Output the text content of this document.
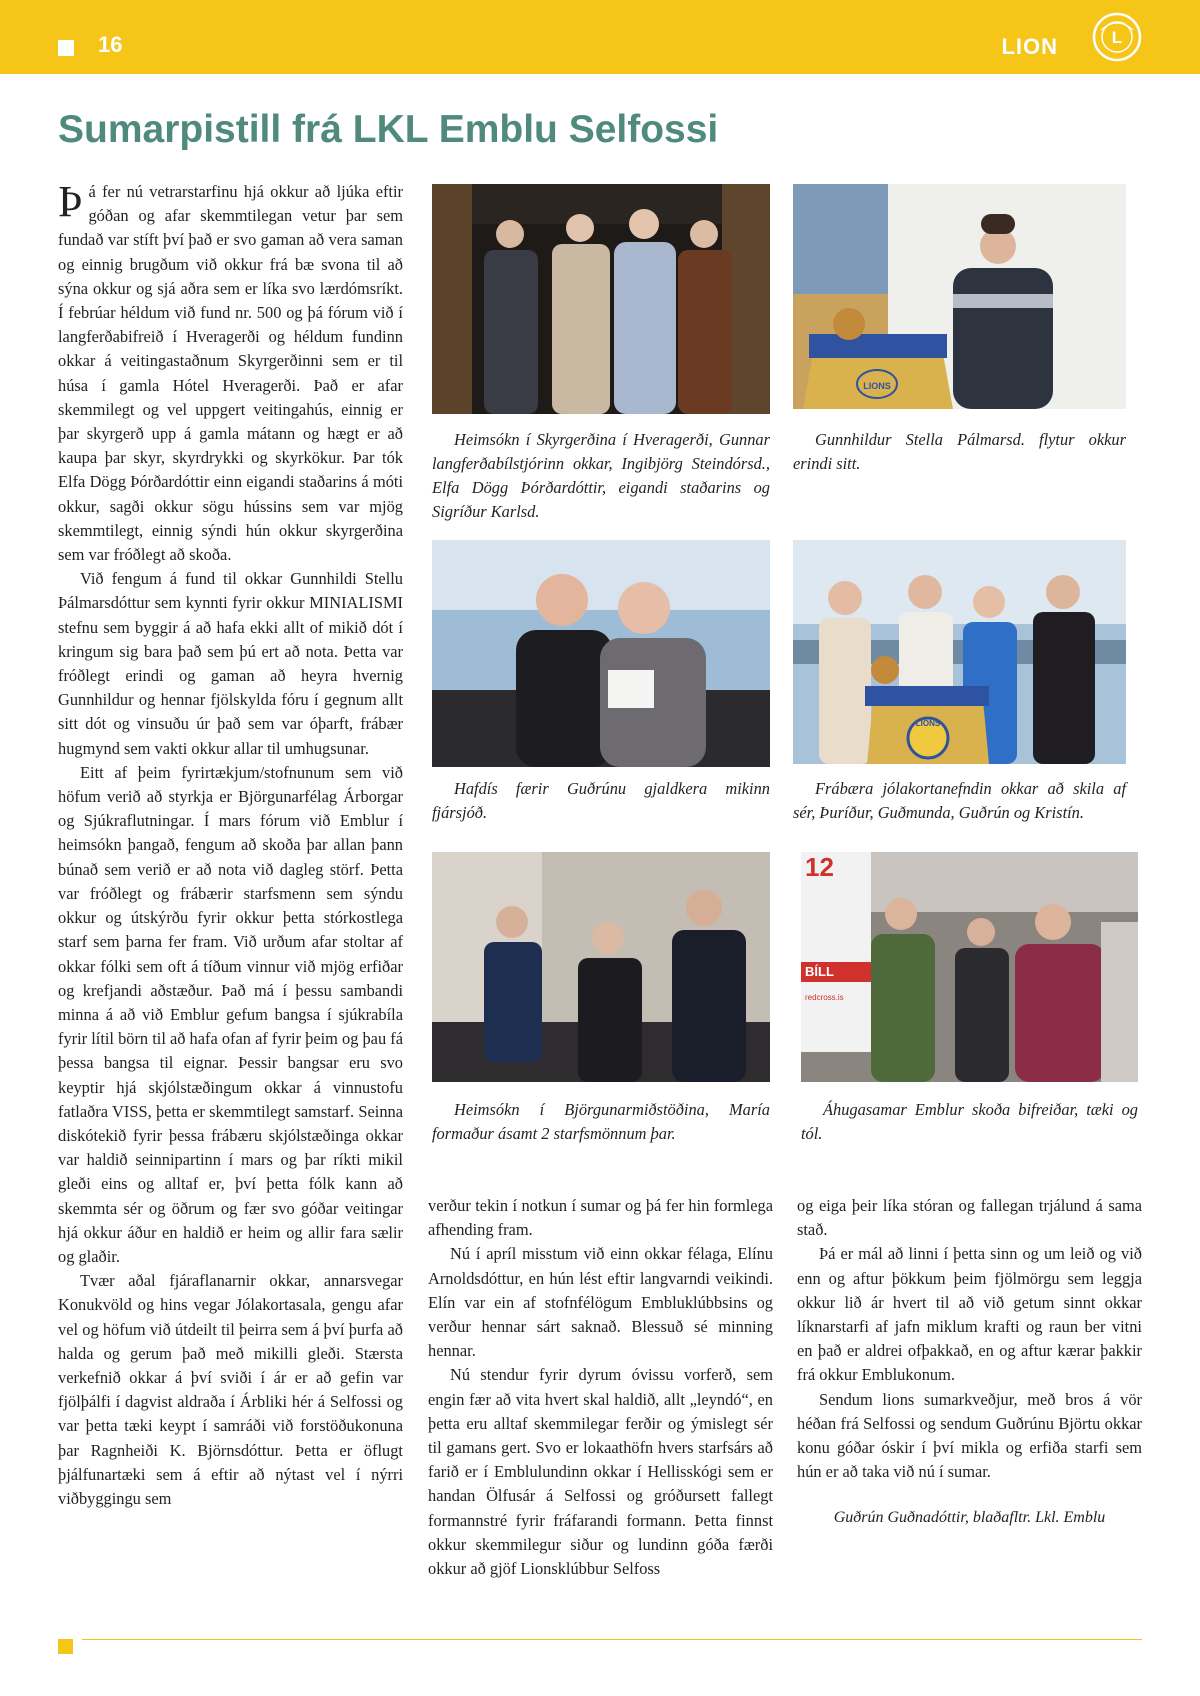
16	LION	L
Sumarpistill frá LKL Emblu Selfossi

Þá fer nú vetrarstarfinu hjá okkur að ljúka eftir góðan og afar skemmtilegan vetur þar sem fundað var stíft því það er svo gaman að vera saman og einnig brugðum við okkur frá bæ svona til að sýna okkur og sjá aðra sem er líka svo lærdómsríkt. Í febrúar héldum við fund nr. 500 og þá fórum við í langferðabifreið í Hveragerði og héldum fundinn okkar á veitingastaðnum Skyrgerðinni sem er til húsa í gamla Hótel Hveragerði. Það er afar skemmilegt og vel uppgert veitingahús, einnig er þar skyrgerð upp á gamla mátann og hægt er að kaupa þar skyr, skyrdrykki og skyrkökur. Þar tók Elfa Dögg Þórðardóttir einn eigandi staðarins á móti okkur, sagði okkur sögu hússins sem var mjög skemmtilegt, einnig sýndi hún okkur skyrgerðina sem var fróðlegt að skoða.

Við fengum á fund til okkar Gunnhildi Stellu Þálmarsdóttur sem kynnti fyrir okkur MINIALISMI stefnu sem byggir á að hafa ekki allt of mikið dót í kringum sig bara það sem þú ert að nota. Þetta var fróðlegt erindi og gaman að heyra hvernig Gunnhildur og hennar fjölskylda fóru í gegnum allt sitt dót og vinsuðu úr það sem var óþarft, frábær hugmynd sem vakti okkur allar til umhugsunar.

Eitt af þeim fyrirtækjum/stofnunum sem við höfum verið að styrkja er Björgunarfélag Árborgar og Sjúkraflutningar. Í mars fórum við Emblur í heimsókn þangað, fengum að skoða þar allan þann búnað sem verið er að nota við dagleg störf. Þetta var fróðlegt og frábærir starfsmenn sem sýndu okkur og útskýrðu fyrir okkur þetta stórkostlega starf sem þarna fer fram. Við urðum afar stoltar af okkar fólki sem oft á tíðum vinnur við mjög erfiðar og krefjandi aðstæður. Það má í þessu sambandi minna á að við Emblur gefum bangsa í sjúkrabíla fyrir lítil börn til að hafa ofan af fyrir þeim og þau fá þessa bangsa til eignar. Þessir bangsar eru svo keyptir hjá skjólstæðingum okkar á vinnustofu fatlaðra VISS, þetta er skemmtilegt samstarf. Seinna diskótekið fyrir þessa frábæru skjólstæðinga okkar var haldið seinnipartinn í mars og þar ríkti mikil gleði eins og alltaf er, því þetta fólk kann að skemmta sér og öðrum og fær svo góðar veitingar hjá okkur áður en haldið er heim og allir fara sælir og glaðir.

Tvær aðal fjáraflanarnir okkar, annarsvegar Konukvöld og hins vegar Jólakortasala, gengu afar vel og höfum við útdeilt til þeirra sem á því þurfa að halda og gerum það með mikilli gleði. Stærsta verkefnið okkar á því sviði í ár er að gefin var fjölþálfi í dagvist aldraða í Árbliki hér á Selfossi og var þetta tæki keypt í samráði við forstöðukonuna þar Ragnheiði K. Björnsdóttur. Þetta er öflugt þjálfunartæki sem á eftir að nýtast vel í nýrri viðbyggingu sem

Heimsókn í Skyrgerðina í Hveragerði, Gunnar langferðabílstjórinn okkar, Ingibjörg Steindórsd., Elfa Dögg Þórðardóttir, eigandi staðarins og Sigríður Karlsd.

LIONS

Gunnhildur Stella Pálmarsd. flytur okkur erindi sitt.

Hafdís færir Guðrúnu gjaldkera mikinn fjársjóð.

LIONS

Frábæra jólakortanefndin okkar að skila af sér, Þuríður, Guðmunda, Guðrún og Kristín.

Heimsókn í Björgunarmiðstöðina, María formaður ásamt 2 starfsmönnum þar.

12
BÍLL
redcross.is

Áhugasamar Emblur skoða bifreiðar, tæki og tól.

verður tekin í notkun í sumar og þá fer hin formlega afhending fram.

Nú í apríl misstum við einn okkar félaga, Elínu Arnoldsdóttur, en hún lést eftir langvarndi veikindi. Elín var ein af stofnfélögum Embluklúbbsins og verður hennar sárt saknað. Blessuð sé minning hennar.

Nú stendur fyrir dyrum óvissu vorferð, sem engin fær að vita hvert skal haldið, allt „leyndó“, en þetta eru alltaf skemmilegar ferðir og ýmislegt sér til gamans gert. Svo er lokaathöfn hvers starfsárs að farið er í Emblulundinn okkar í Hellisskógi sem er handan Ölfusár á Selfossi og gróðursett fallegt formannstré fyrir fráfarandi formann. Þetta finnst okkur skemmilegur siður og lundinn góða færði okkur að gjöf Lionsklúbbur Selfoss

og eiga þeir líka stóran og fallegan trjálund á sama stað.

Þá er mál að linni í þetta sinn og um leið og við enn og aftur þökkum þeim fjölmörgu sem leggja okkur lið ár hvert til að við getum sinnt okkar líknarstarfi af jafn miklum krafti og raun ber vitni en það er aldrei ofþakkað, en og aftur kærar þakkir frá okkur Emblukonum.

Sendum lions sumarkveðjur, með bros á vör héðan frá Selfossi og sendum Guðrúnu Björtu okkar konu góðar óskir í því mikla og erfiða starfi sem hún er að taka við nú í sumar.

Guðrún Guðnadóttir, blaðafltr. Lkl. Emblu
